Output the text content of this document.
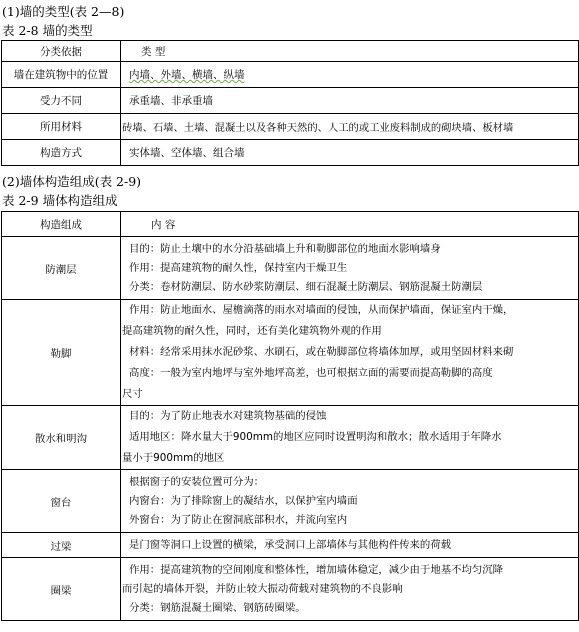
(1)墙的类型(表 2—8)
表 2-8 墙的类型
分类依据	类 型
墙在建筑物中的位置	内墙、外墙、横墙、纵墙
受力不同	承重墙、非承重墙
所用材料	砖墙、石墙、土墙、混凝土以及各种天然的、人工的或工业废料制成的砌块墙、板材墙
构造方式	实体墙、空体墙、组合墙
(2)墙体构造组成(表 2-9)
表 2-9 墙体构造组成
构造组成	内 容
防潮层	目的：防止土壤中的水分沿基础墙上升和勒脚部位的地面水影响墙身
作用：提高建筑物的耐久性，保持室内干燥卫生
分类：卷材防潮层、防水砂浆防潮层、细石混凝土防潮层、钢筋混凝土防潮层

勒脚	作用：防止地面水、屋檐滴落的雨水对墙面的侵蚀，从而保护墙面，保证室内干燥，
提高建筑物的耐久性，同时，还有美化建筑物外观的作用
材料：经常采用抹水泥砂浆、水刷石，或在勒脚部位将墙体加厚，或用坚固材料来砌
高度：一般为室内地坪与室外地坪高差，也可根据立面的需要而提高勒脚的高度
尺寸

散水和明沟	目的：为了防止地表水对建筑物基础的侵蚀
适用地区：降水量大于900mm的地区应同时设置明沟和散水；散水适用于年降水
量小于900mm的地区

窗台	根据窗子的安装位置可分为：
内窗台：为了排除窗上的凝结水，以保护室内墙面
外窗台：为了防止在窗洞底部积水，并流向室内

过梁	是门窗等洞口上设置的横梁，承受洞口上部墙体与其他构件传来的荷载

圈梁	作用：提高建筑物的空间刚度和整体性，增加墙体稳定，减少由于地基不均匀沉降
而引起的墙体开裂，并防止较大振动荷载对建筑物的不良影响
分类：钢筋混凝土圈梁、钢筋砖圈梁。
